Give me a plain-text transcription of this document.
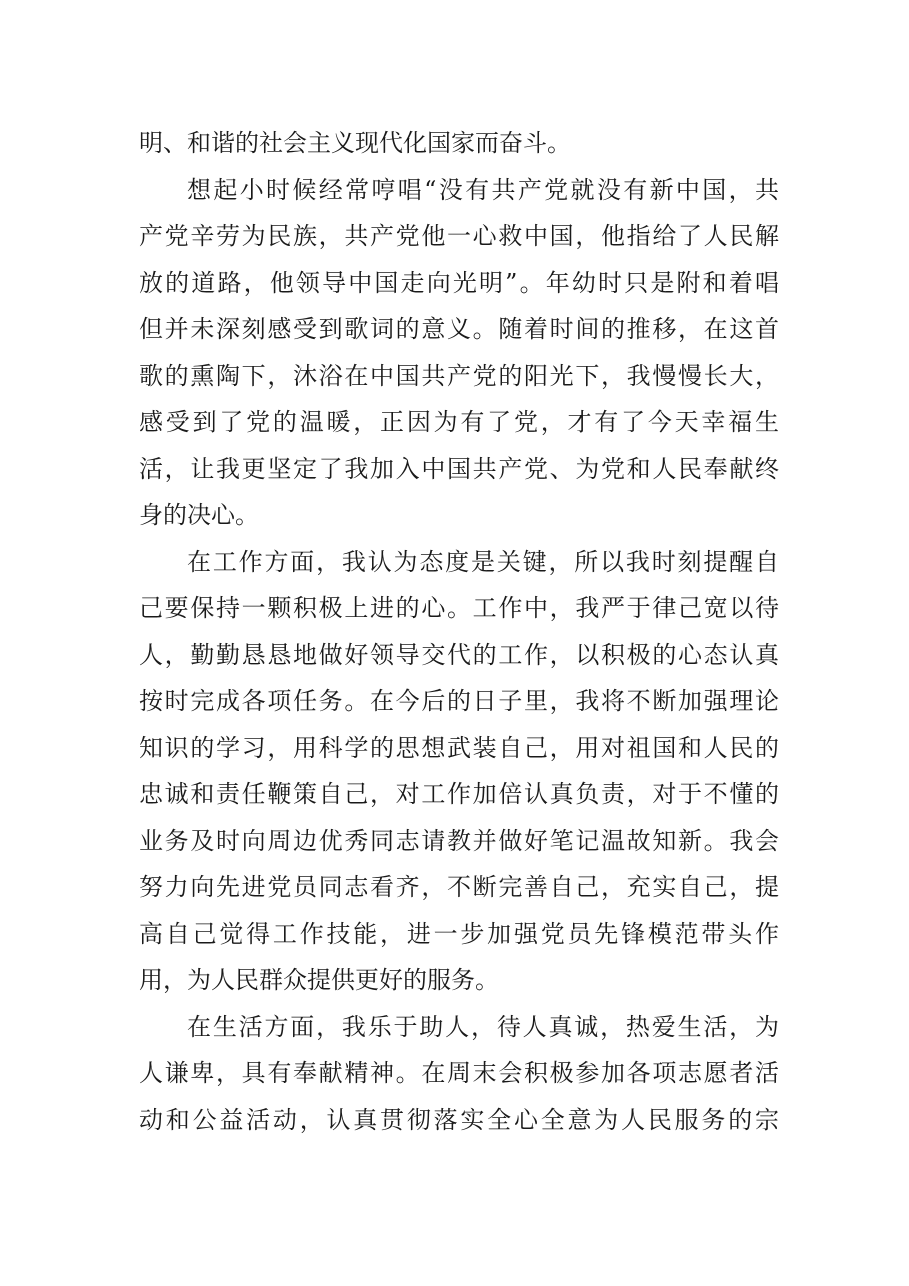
明、和谐的社会主义现代化国家而奋斗。
想起小时候经常哼唱“没有共产党就没有新中国，共
产党辛劳为民族，共产党他一心救中国，他指给了人民解
放的道路，他领导中国走向光明”。年幼时只是附和着唱
但并未深刻感受到歌词的意义。随着时间的推移，在这首
歌的熏陶下，沐浴在中国共产党的阳光下，我慢慢长大，
感受到了党的温暖，正因为有了党，才有了今天幸福生
活，让我更坚定了我加入中国共产党、为党和人民奉献终
身的决心。
在工作方面，我认为态度是关键，所以我时刻提醒自
己要保持一颗积极上进的心。工作中，我严于律己宽以待
人，勤勤恳恳地做好领导交代的工作，以积极的心态认真
按时完成各项任务。在今后的日子里，我将不断加强理论
知识的学习，用科学的思想武装自己，用对祖国和人民的
忠诚和责任鞭策自己，对工作加倍认真负责，对于不懂的
业务及时向周边优秀同志请教并做好笔记温故知新。我会
努力向先进党员同志看齐，不断完善自己，充实自己，提
高自己觉得工作技能，进一步加强党员先锋模范带头作
用，为人民群众提供更好的服务。
在生活方面，我乐于助人，待人真诚，热爱生活，为
人谦卑，具有奉献精神。在周末会积极参加各项志愿者活
动和公益活动，认真贯彻落实全心全意为人民服务的宗
